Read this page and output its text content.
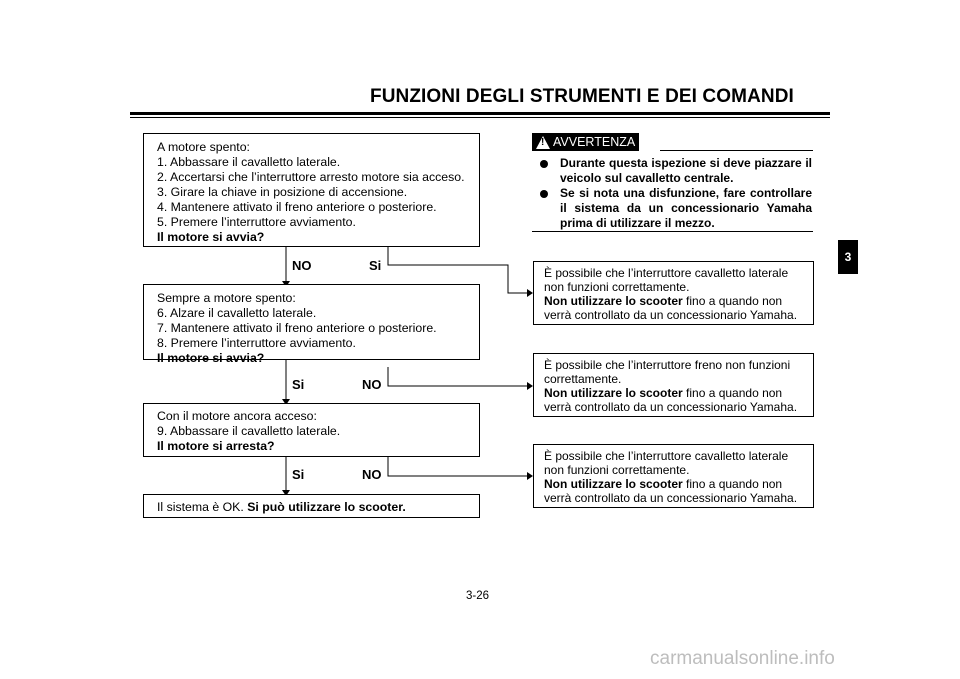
FUNZIONI DEGLI STRUMENTI E DEI COMANDI
3
A motore spento:
1. Abbassare il cavalletto laterale.
2. Accertarsi che l’interruttore arresto motore sia acceso.
3. Girare la chiave in posizione di accensione.
4. Mantenere attivato il freno anteriore o posteriore.
5. Premere l’interruttore avviamento.
Il motore si avvia?
NO	Si
Sempre a motore spento:
6. Alzare il cavalletto laterale.
7. Mantenere attivato il freno anteriore o posteriore.
8. Premere l’interruttore avviamento.
Il motore si avvia?
Si	NO
Con il motore ancora acceso:
9. Abbassare il cavalletto laterale.
Il motore si arresta?
Si	NO
Il sistema è OK. Si può utilizzare lo scooter.
!
AVVERTENZA
Durante questa ispezione si deve piazzare il veicolo sul cavalletto centrale.
Se si nota una disfunzione, fare controllare il sistema da un concessionario Yamaha prima di utilizzare il mezzo.
È possibile che l’interruttore cavalletto laterale
non funzioni correttamente.
Non utilizzare lo scooter fino a quando non
verrà controllato da un concessionario Yamaha.
È possibile che l’interruttore freno non funzioni
correttamente.
Non utilizzare lo scooter fino a quando non
verrà controllato da un concessionario Yamaha.
È possibile che l’interruttore cavalletto laterale
non funzioni correttamente.
Non utilizzare lo scooter fino a quando non
verrà controllato da un concessionario Yamaha.
3-26
carmanualsonline.info
